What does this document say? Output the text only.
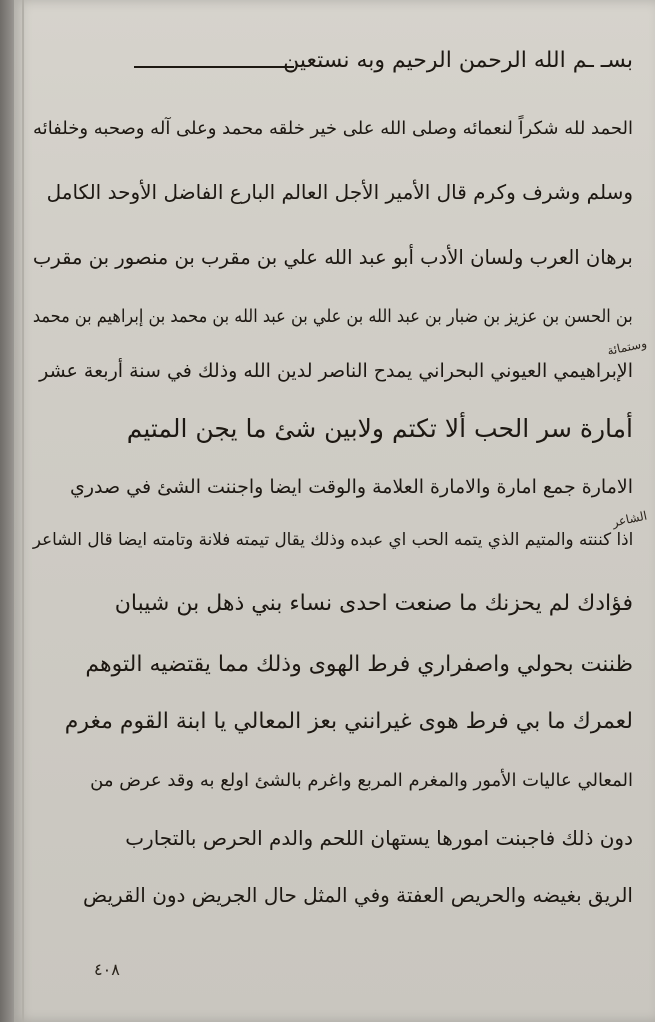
بسـ ـم الله الرحمن الرحيم وبه نستعين
الحمد لله شكراً لنعمائه وصلى الله على خير خلقه محمد وعلى آله وصحبه وخلفائه
وسلم وشرف وكرم قال الأمير الأجل العالم البارع الفاضل الأوحد الكامل
برهان العرب ولسان الأدب أبو عبد الله علي بن مقرب بن منصور بن مقرب
بن الحسن بن عزيز بن ضبار بن عبد الله بن علي بن عبد الله بن محمد بن إبراهيم بن محمد
الإبراهيمي العيوني البحراني يمدح الناصر لدين الله وذلك في سنة أربعة عشر
أمارة سر الحب ألا تكتم ولابين شئ ما يجن المتيم
الامارة جمع امارة والامارة العلامة والوقت ايضا واجننت الشئ في صدري
اذا كننته والمتيم الذي يتمه الحب اي عبده وذلك يقال تيمته فلانة وتامته ايضا قال الشاعر
فؤادك لم يحزنك ما صنعت احدى نساء بني ذهل بن شيبان
ظننت بحولي واصفراري فرط الهوى وذلك مما يقتضيه التوهم
لعمرك ما بي فرط هوى غيرانني بعز المعالي يا ابنة القوم مغرم
المعالي عاليات الأمور والمغرم المربع واغرم بالشئ اولع به وقد عرض من
دون ذلك فاجبنت امورها يستهان اللحم والدم الحرص بالتجارب
الريق بغيضه والحريص العفتة وفي المثل حال الجريض دون القريض
وستمائة
الشاعر
٤٠٨
